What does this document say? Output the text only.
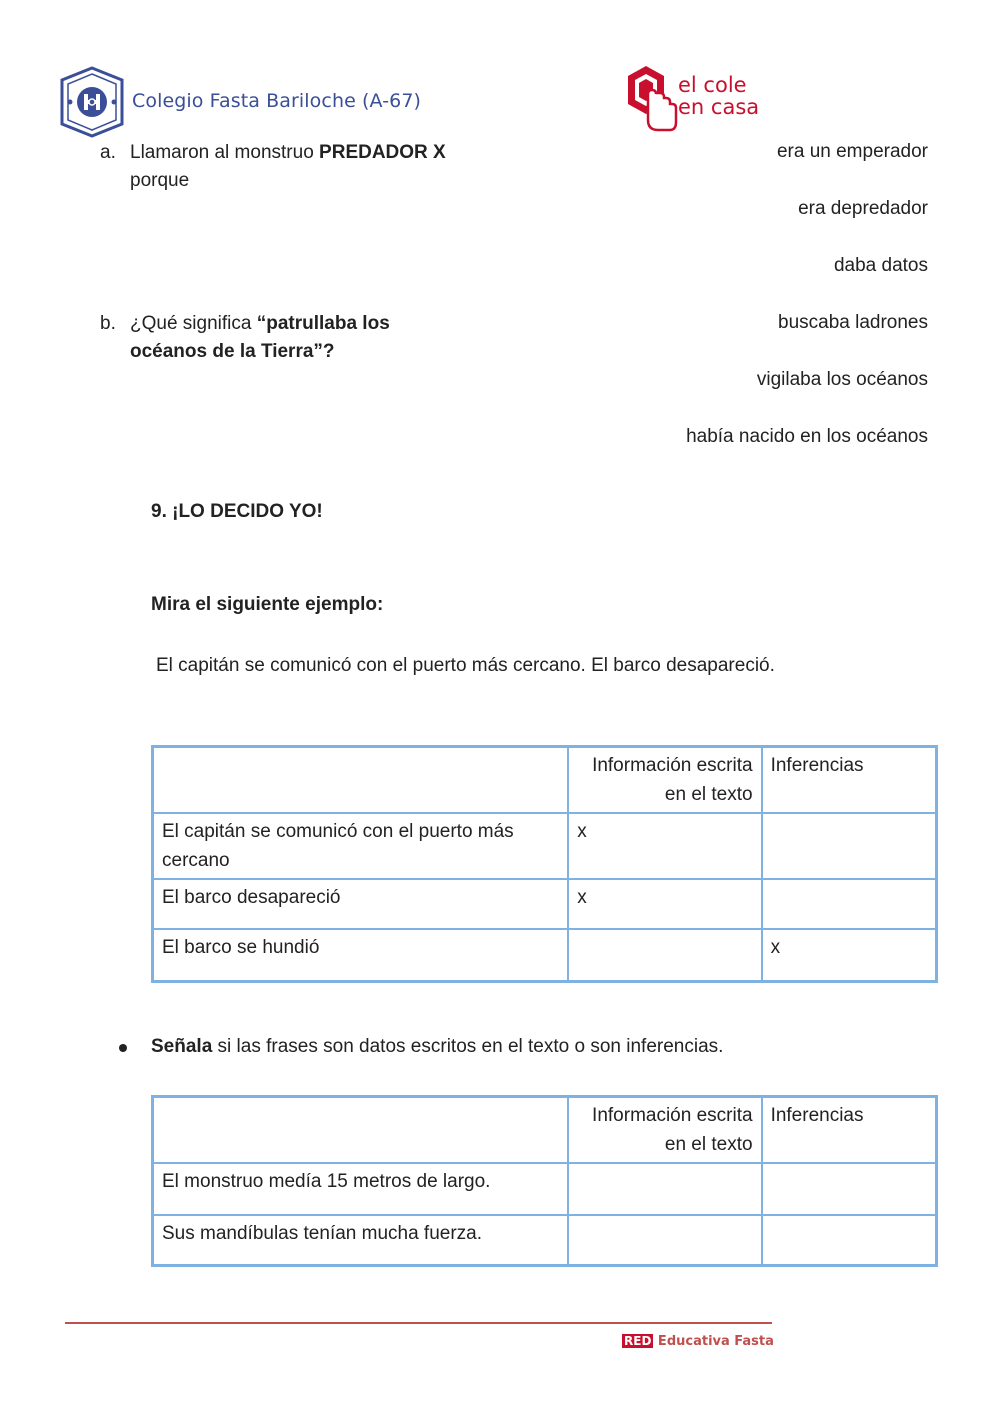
Colegio Fasta Bariloche (A-67)
el cole
en casa
a. Llamaron al monstruo PREDADOR X
porque
era un emperador
era depredador
daba datos
b. ¿Qué significa “patrullaba los
océanos de la Tierra”?
buscaba ladrones
vigilaba los océanos
había nacido en los océanos
9. ¡LO DECIDO YO!
Mira el siguiente ejemplo:
El capitán se comunicó con el puerto más cercano. El barco desapareció.

	Información escrita en el texto	Inferencias
El capitán se comunicó con el puerto más cercano	x	
El barco desapareció	x	
El barco se hundió		x
Señala si las frases son datos escritos en el texto o son inferencias.

	Información escrita en el texto	Inferencias
El monstruo medía 15 metros de largo.		
Sus mandíbulas tenían mucha fuerza.		
RED Educativa Fasta
